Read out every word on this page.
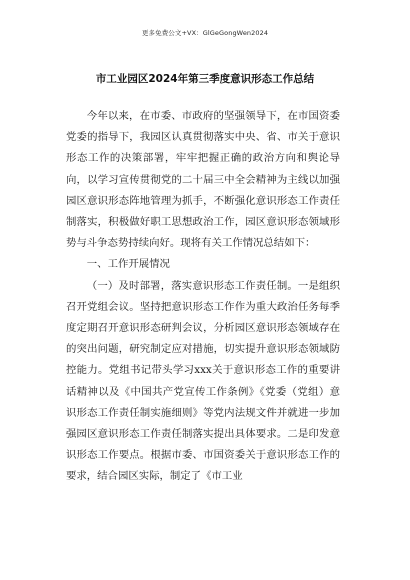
更多免费公文+VX：GlGeGongWen2024
市工业园区2024年第三季度意识形态工作总结

今年以来，在市委、市政府的坚强领导下，在市国资委党委的指导下，我园区认真贯彻落实中央、省、市关于意识形态工作的决策部署，牢牢把握正确的政治方向和舆论导向，以学习宣传贯彻党的二十届三中全会精神为主线以加强园区意识形态阵地管理为抓手，不断强化意识形态工作责任制落实，积极做好职工思想政治工作，园区意识形态领域形势与斗争态势持续向好。现将有关工作情况总结如下：

一、工作开展情况

（一）及时部署，落实意识形态工作责任制。一是组织召开党组会议。坚持把意识形态工作作为重大政治任务每季度定期召开意识形态研判会议，分析园区意识形态领域存在的突出问题，研究制定应对措施，切实提升意识形态领域防控能力。党组书记带头学习xxx关于意识形态工作的重要讲话精神以及《中国共产党宣传工作条例》《党委（党组）意识形态工作责任制实施细则》等党内法规文件并就进一步加强园区意识形态工作责任制落实提出具体要求。二是印发意识形态工作要点。根据市委、市国资委关于意识形态工作的要求，结合园区实际，制定了《市工业
